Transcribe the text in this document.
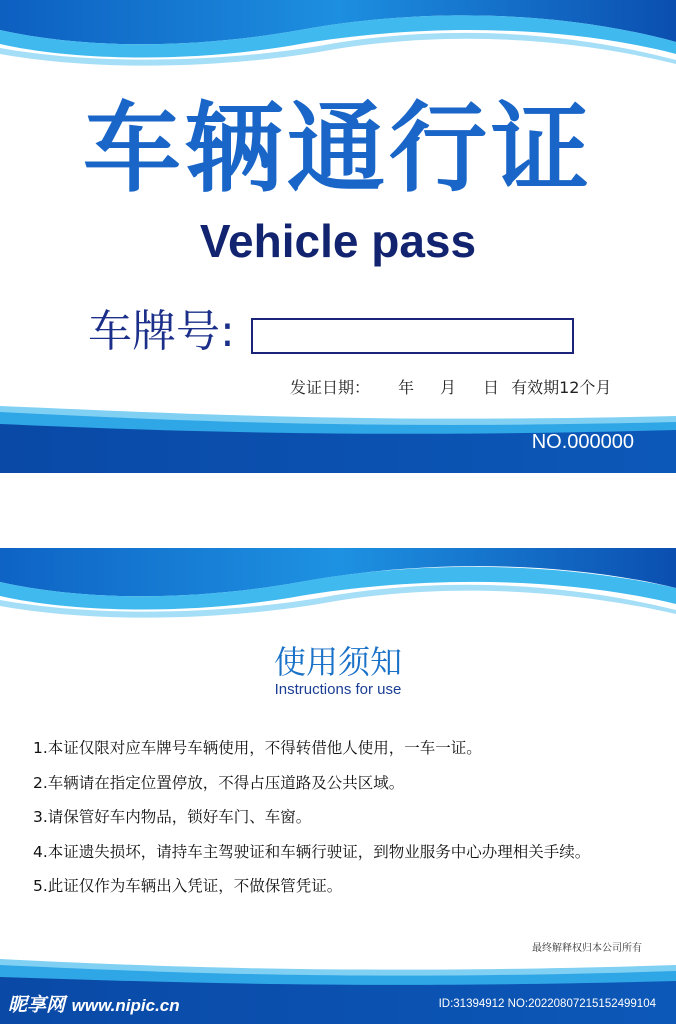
车辆通行证
Vehicle pass
车牌号:
发证日期： 年 月 日 有效期12个月
NO.000000
使用须知
Instructions for use
1.本证仅限对应车牌号车辆使用，不得转借他人使用，一车一证。
2.车辆请在指定位置停放，不得占压道路及公共区域。
3.请保管好车内物品，锁好车门、车窗。
4.本证遗失损坏，请持车主驾驶证和车辆行驶证，到物业服务中心办理相关手续。
5.此证仅作为车辆出入凭证，不做保管凭证。
最终解释权归本公司所有
昵享网 www.nipic.cn	ID:31394912 NO:20220807215152499104
